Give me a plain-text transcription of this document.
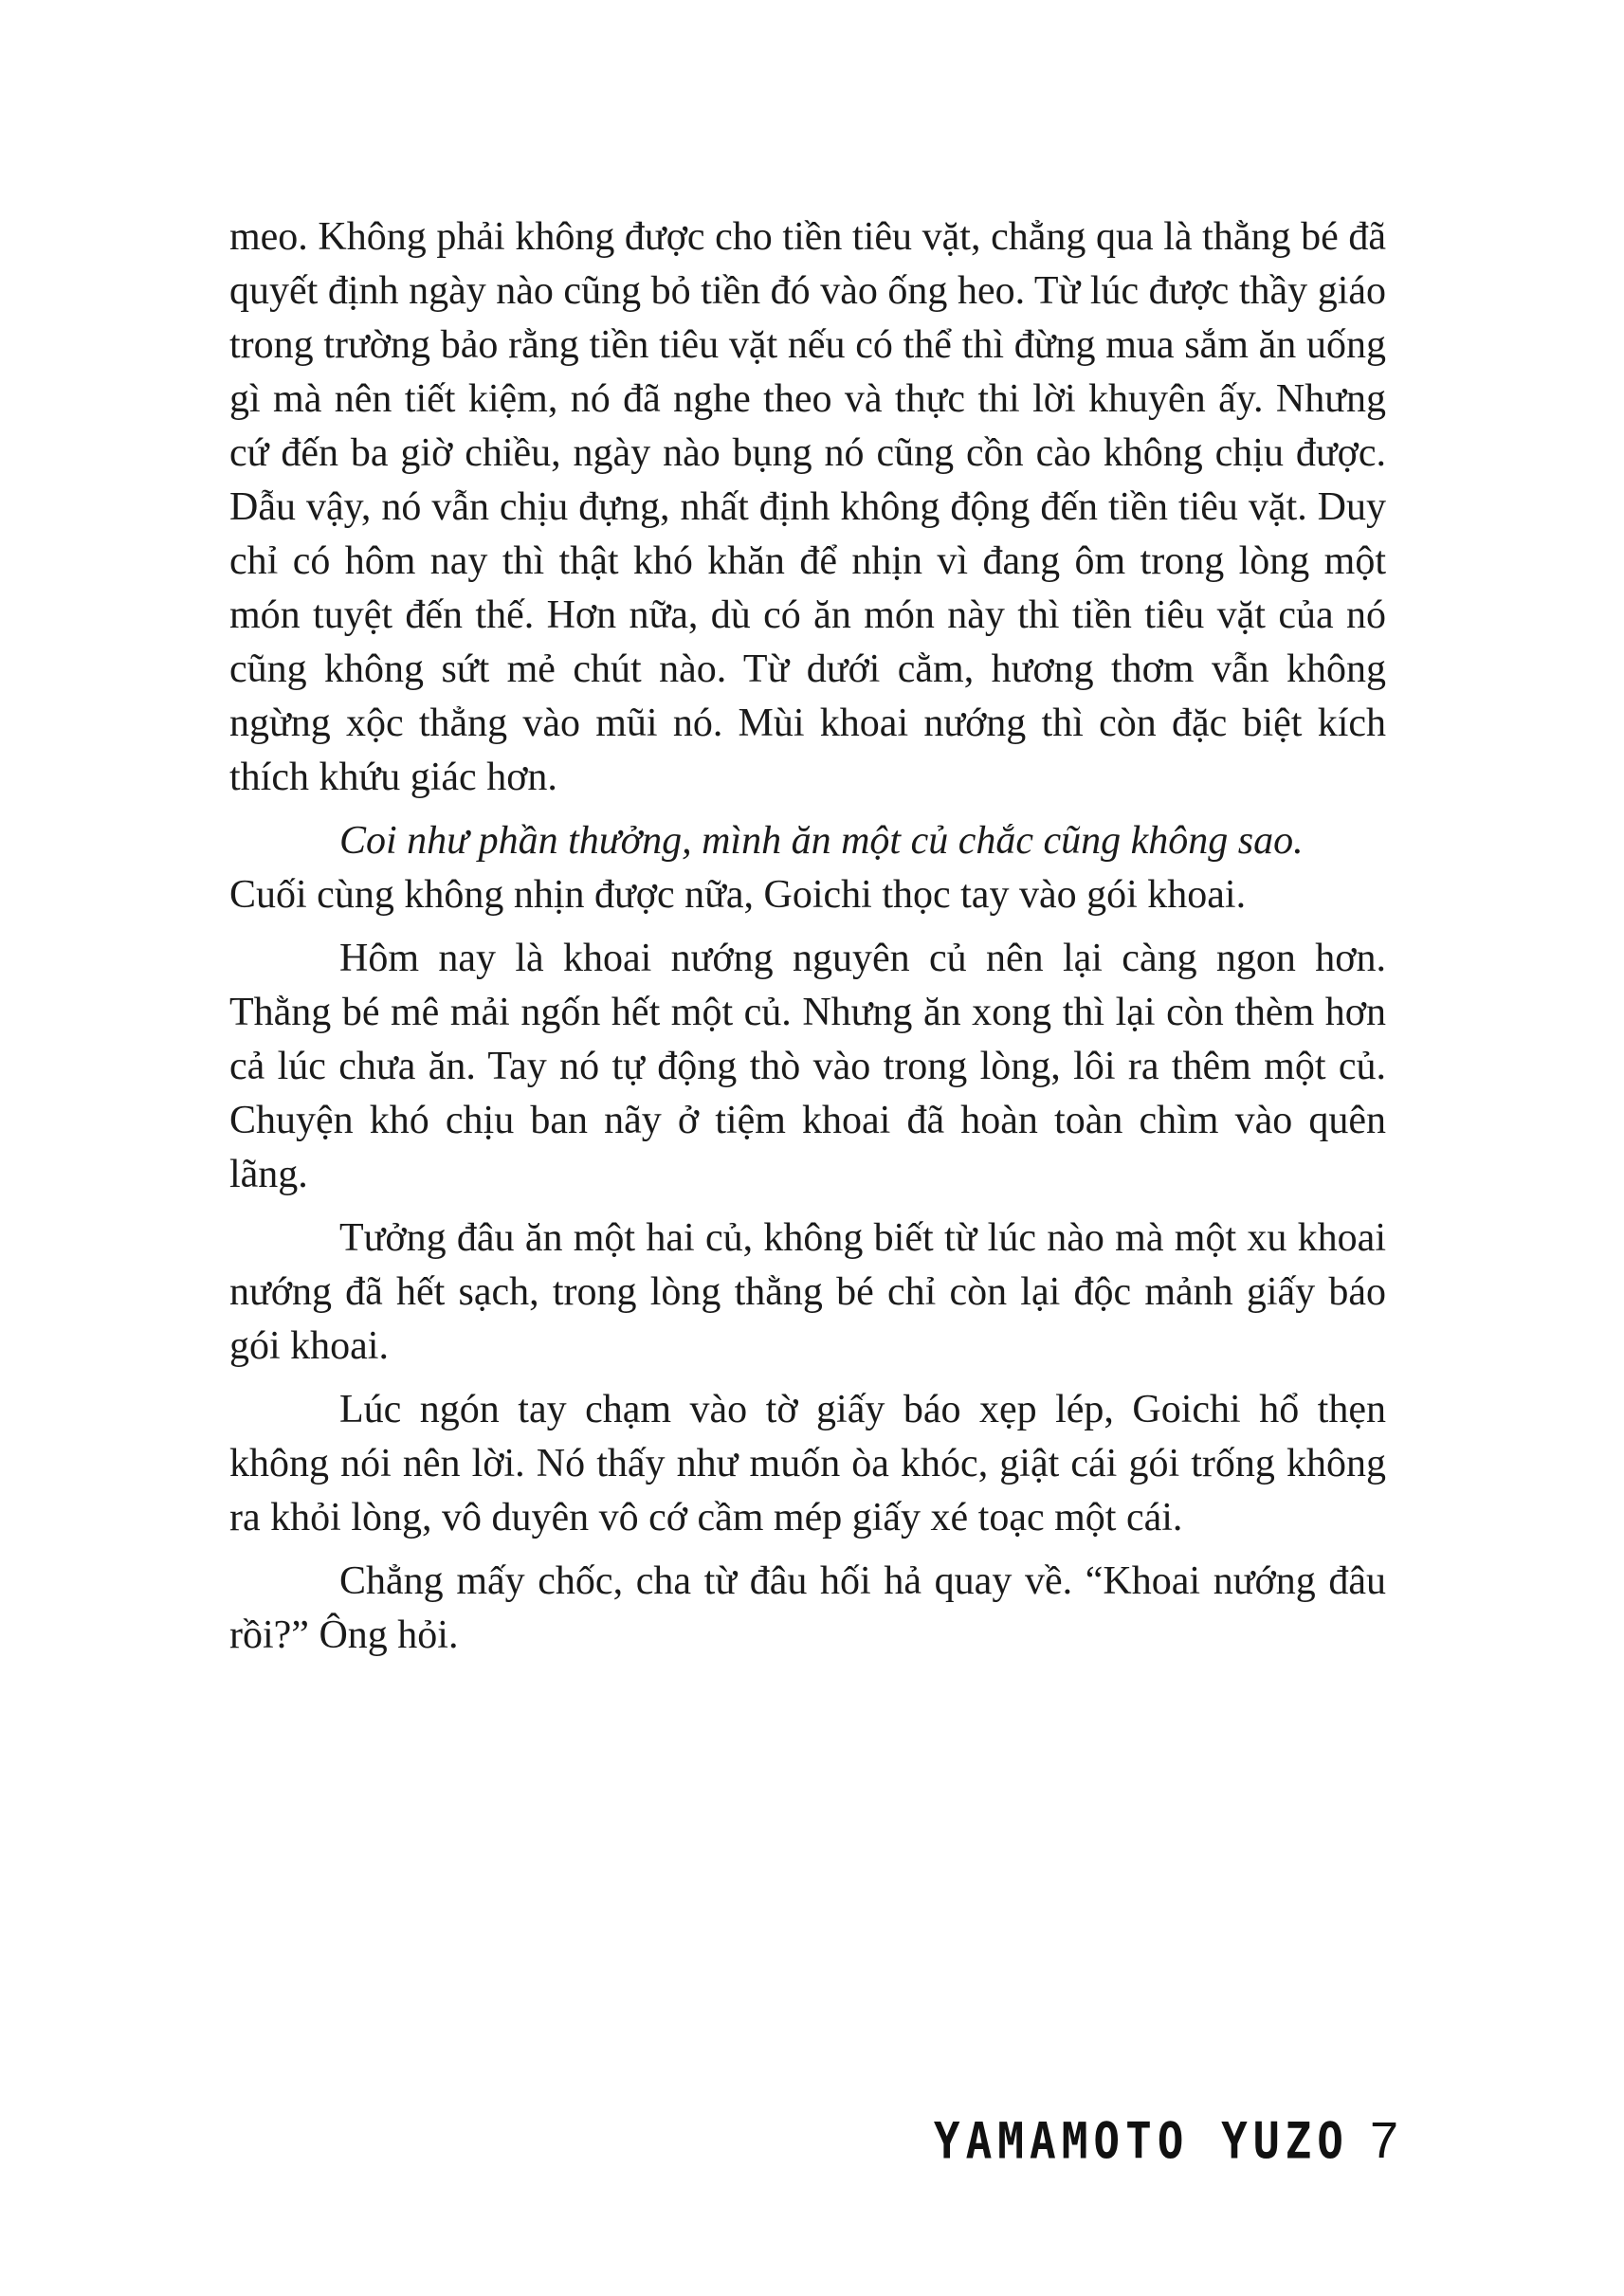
meo. Không phải không được cho tiền tiêu vặt, chẳng qua là thằng bé đã quyết định ngày nào cũng bỏ tiền đó vào ống heo. Từ lúc được thầy giáo trong trường bảo rằng tiền tiêu vặt nếu có thể thì đừng mua sắm ăn uống gì mà nên tiết kiệm, nó đã nghe theo và thực thi lời khuyên ấy. Nhưng cứ đến ba giờ chiều, ngày nào bụng nó cũng cồn cào không chịu được. Dẫu vậy, nó vẫn chịu đựng, nhất định không động đến tiền tiêu vặt. Duy chỉ có hôm nay thì thật khó khăn để nhịn vì đang ôm trong lòng một món tuyệt đến thế. Hơn nữa, dù có ăn món này thì tiền tiêu vặt của nó cũng không sứt mẻ chút nào. Từ dưới cằm, hương thơm vẫn không ngừng xộc thẳng vào mũi nó. Mùi khoai nướng thì còn đặc biệt kích thích khứu giác hơn.

Coi như phần thưởng, mình ăn một củ chắc cũng không sao.
Cuối cùng không nhịn được nữa, Goichi thọc tay vào gói khoai.

Hôm nay là khoai nướng nguyên củ nên lại càng ngon hơn. Thằng bé mê mải ngốn hết một củ. Nhưng ăn xong thì lại còn thèm hơn cả lúc chưa ăn. Tay nó tự động thò vào trong lòng, lôi ra thêm một củ. Chuyện khó chịu ban nãy ở tiệm khoai đã hoàn toàn chìm vào quên lãng.

Tưởng đâu ăn một hai củ, không biết từ lúc nào mà một xu khoai nướng đã hết sạch, trong lòng thằng bé chỉ còn lại độc mảnh giấy báo gói khoai.

Lúc ngón tay chạm vào tờ giấy báo xẹp lép, Goichi hổ thẹn không nói nên lời. Nó thấy như muốn òa khóc, giật cái gói trống không ra khỏi lòng, vô duyên vô cớ cầm mép giấy xé toạc một cái.

Chẳng mấy chốc, cha từ đâu hối hả quay về. “Khoai nướng đâu rồi?” Ông hỏi.

YAMAMOTO YUZO 7
